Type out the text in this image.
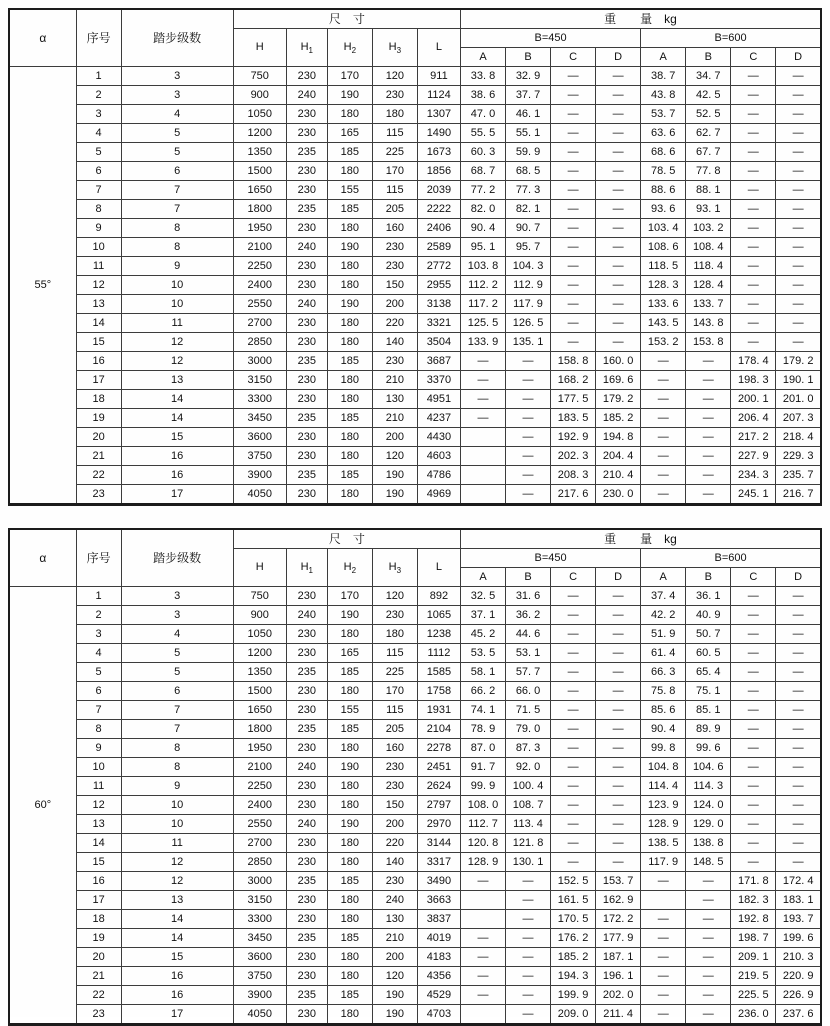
α	序号	踏步级数	尺　寸					重　　量　kg							
			H	$H_1$	$H_2$	$H_3$	L	B=450				B=600			
								A	B	C	D	A	B	C	D
55°	1	3	750	230	170	120	911	33. 8	32. 9	—	—	38. 7	34. 7	—	—
	2	3	900	240	190	230	1124	38. 6	37. 7	—	—	43. 8	42. 5	—	—
	3	4	1050	230	180	180	1307	47. 0	46. 1	—	—	53. 7	52. 5	—	—
	4	5	1200	230	165	115	1490	55. 5	55. 1	—	—	63. 6	62. 7	—	—
	5	5	1350	235	185	225	1673	60. 3	59. 9	—	—	68. 6	67. 7	—	—
	6	6	1500	230	180	170	1856	68. 7	68. 5	—	—	78. 5	77. 8	—	—
	7	7	1650	230	155	115	2039	77. 2	77. 3	—	—	88. 6	88. 1	—	—
	8	7	1800	235	185	205	2222	82. 0	82. 1	—	—	93. 6	93. 1	—	—
	9	8	1950	230	180	160	2406	90. 4	90. 7	—	—	103. 4	103. 2	—	—
	10	8	2100	240	190	230	2589	95. 1	95. 7	—	—	108. 6	108. 4	—	—
	11	9	2250	230	180	230	2772	103. 8	104. 3	—	—	118. 5	118. 4	—	—
	12	10	2400	230	180	150	2955	112. 2	112. 9	—	—	128. 3	128. 4	—	—
	13	10	2550	240	190	200	3138	117. 2	117. 9	—	—	133. 6	133. 7	—	—
	14	11	2700	230	180	220	3321	125. 5	126. 5	—	—	143. 5	143. 8	—	—
	15	12	2850	230	180	140	3504	133. 9	135. 1	—	—	153. 2	153. 8	—	—
	16	12	3000	235	185	230	3687	—	—	158. 8	160. 0	—	—	178. 4	179. 2
	17	13	3150	230	180	210	3370	—	—	168. 2	169. 6	—	—	198. 3	190. 1
	18	14	3300	230	180	130	4951	—	—	177. 5	179. 2	—	—	200. 1	201. 0
	19	14	3450	235	185	210	4237	—	—	183. 5	185. 2	—	—	206. 4	207. 3
	20	15	3600	230	180	200	4430		—	192. 9	194. 8	—	—	217. 2	218. 4
	21	16	3750	230	180	120	4603		—	202. 3	204. 4	—	—	227. 9	229. 3
	22	16	3900	235	185	190	4786		—	208. 3	210. 4	—	—	234. 3	235. 7
	23	17	4050	230	180	190	4969		—	217. 6	230. 0	—	—	245. 1	216. 7
α	序号	踏步级数	尺　寸					重　　量　kg							
			H	$H_1$	$H_2$	$H_3$	L	B=450				B=600			
								A	B	C	D	A	B	C	D
60°	1	3	750	230	170	120	892	32. 5	31. 6	—	—	37. 4	36. 1	—	—
	2	3	900	240	190	230	1065	37. 1	36. 2	—	—	42. 2	40. 9	—	—
	3	4	1050	230	180	180	1238	45. 2	44. 6	—	—	51. 9	50. 7	—	—
	4	5	1200	230	165	115	1112	53. 5	53. 1	—	—	61. 4	60. 5	—	—
	5	5	1350	235	185	225	1585	58. 1	57. 7	—	—	66. 3	65. 4	—	—
	6	6	1500	230	180	170	1758	66. 2	66. 0	—	—	75. 8	75. 1	—	—
	7	7	1650	230	155	115	1931	74. 1	71. 5	—	—	85. 6	85. 1	—	—
	8	7	1800	235	185	205	2104	78. 9	79. 0	—	—	90. 4	89. 9	—	—
	9	8	1950	230	180	160	2278	87. 0	87. 3	—	—	99. 8	99. 6	—	—
	10	8	2100	240	190	230	2451	91. 7	92. 0	—	—	104. 8	104. 6	—	—
	11	9	2250	230	180	230	2624	99. 9	100. 4	—	—	114. 4	114. 3	—	—
	12	10	2400	230	180	150	2797	108. 0	108. 7	—	—	123. 9	124. 0	—	—
	13	10	2550	240	190	200	2970	112. 7	113. 4	—	—	128. 9	129. 0	—	—
	14	11	2700	230	180	220	3144	120. 8	121. 8	—	—	138. 5	138. 8	—	—
	15	12	2850	230	180	140	3317	128. 9	130. 1	—	—	117. 9	148. 5	—	—
	16	12	3000	235	185	230	3490	—	—	152. 5	153. 7	—	—	171. 8	172. 4
	17	13	3150	230	180	240	3663		—	161. 5	162. 9		—	182. 3	183. 1
	18	14	3300	230	180	130	3837		—	170. 5	172. 2	—	—	192. 8	193. 7
	19	14	3450	235	185	210	4019	—	—	176. 2	177. 9	—	—	198. 7	199. 6
	20	15	3600	230	180	200	4183	—	—	185. 2	187. 1	—	—	209. 1	210. 3
	21	16	3750	230	180	120	4356	—	—	194. 3	196. 1	—	—	219. 5	220. 9
	22	16	3900	235	185	190	4529	—	—	199. 9	202. 0	—	—	225. 5	226. 9
	23	17	4050	230	180	190	4703		—	209. 0	211. 4	—	—	236. 0	237. 6
